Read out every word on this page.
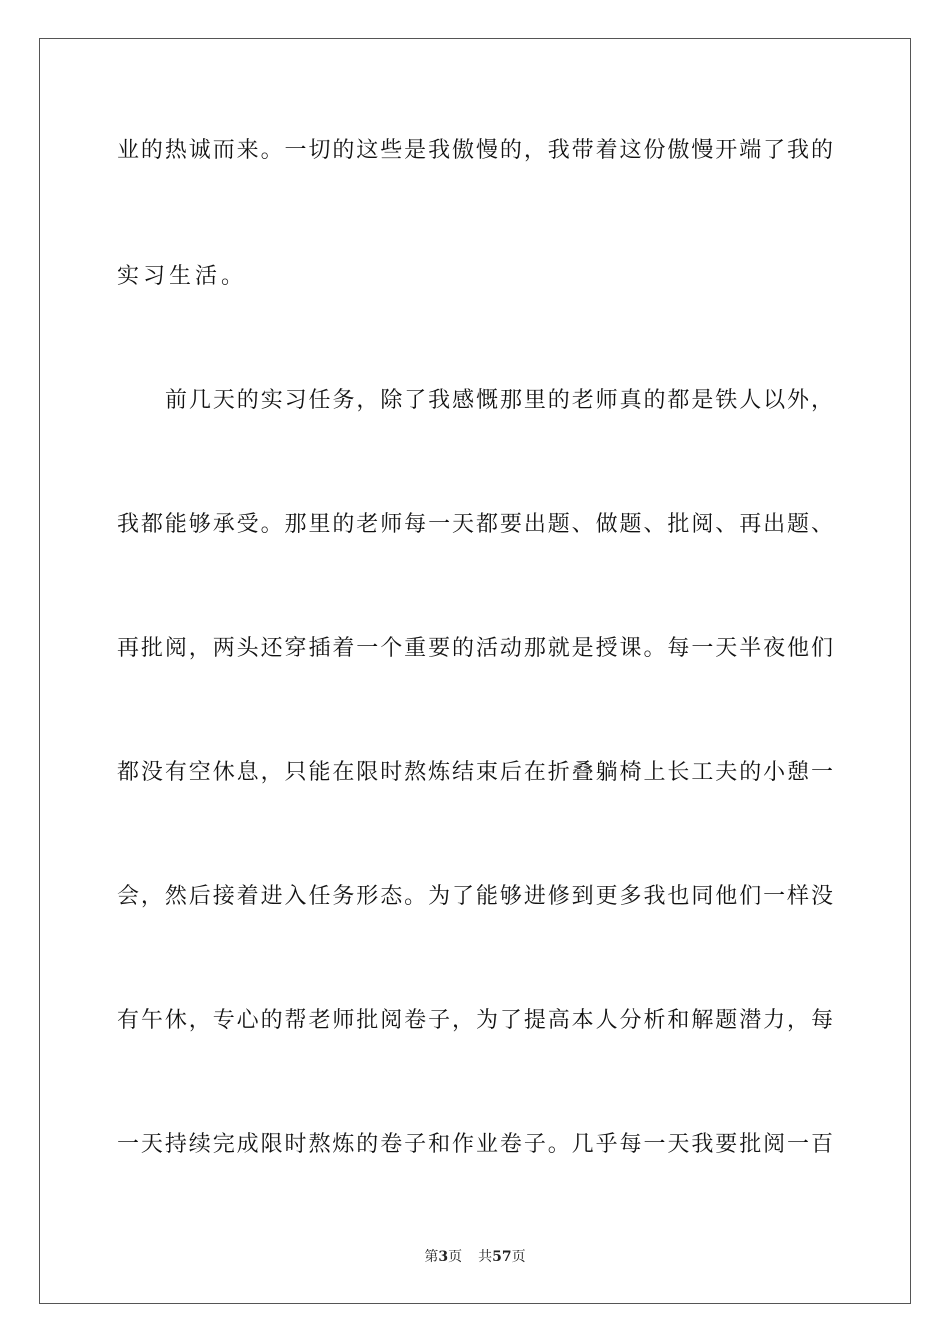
业的热诚而来。一切的这些是我傲慢的，我带着这份傲慢开端了我的
实习生活。
前几天的实习任务，除了我感慨那里的老师真的都是铁人以外，
我都能够承受。那里的老师每一天都要出题、做题、批阅、再出题、
再批阅，两头还穿插着一个重要的活动那就是授课。每一天半夜他们
都没有空休息，只能在限时熬炼结束后在折叠躺椅上长工夫的小憩一
会，然后接着进入任务形态。为了能够进修到更多我也同他们一样没
有午休，专心的帮老师批阅卷子，为了提高本人分析和解题潜力，每
一天持续完成限时熬炼的卷子和作业卷子。几乎每一天我要批阅一百
第3页 共57页
